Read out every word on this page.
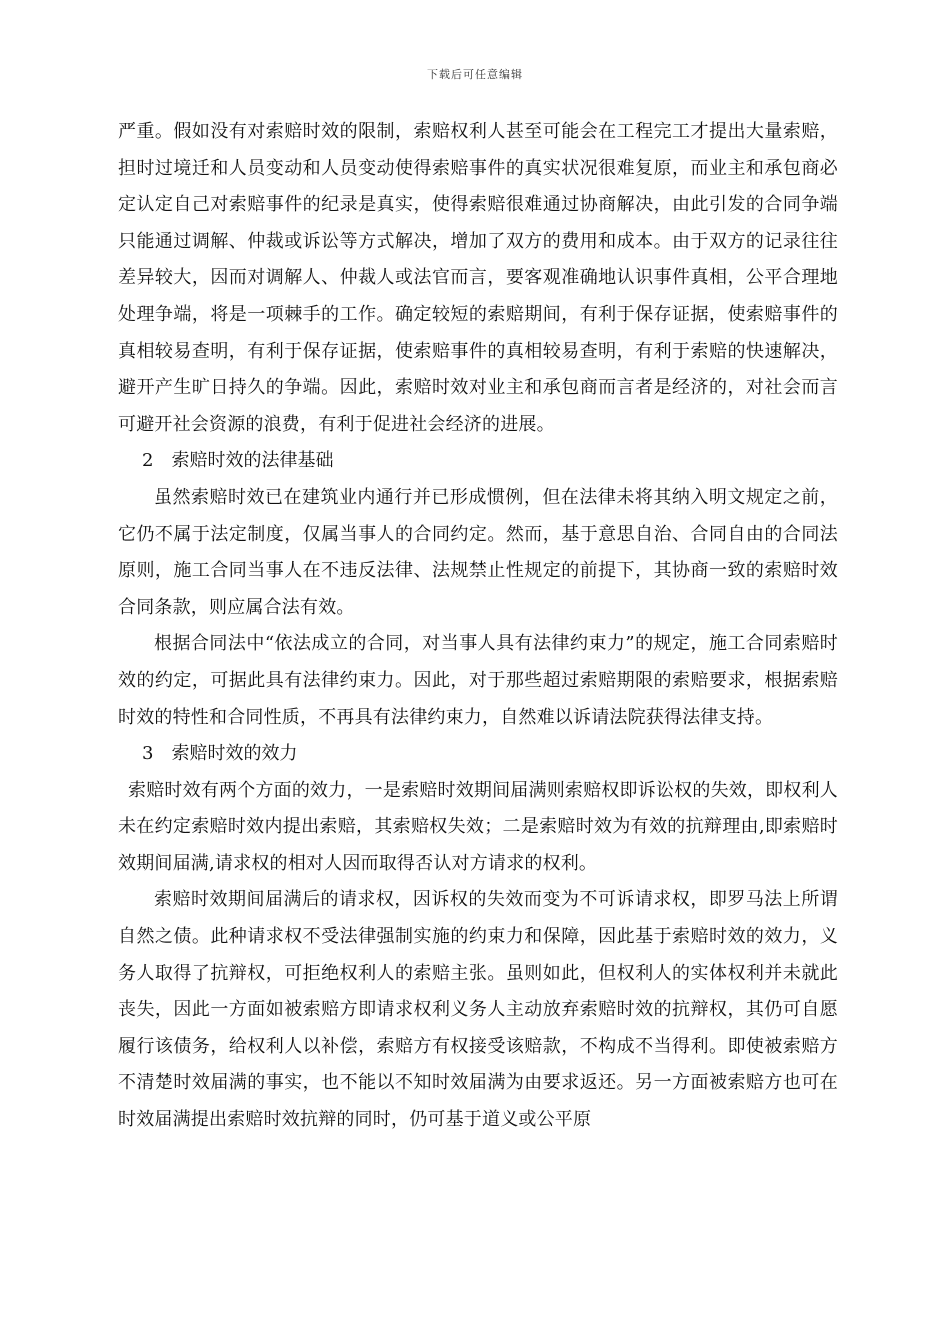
下载后可任意编辑

严重。假如没有对索赔时效的限制，索赔权利人甚至可能会在工程完工才提出大量索赔，担时过境迁和人员变动和人员变动使得索赔事件的真实状况很难复原，而业主和承包商必定认定自己对索赔事件的纪录是真实，使得索赔很难通过协商解决，由此引发的合同争端只能通过调解、仲裁或诉讼等方式解决，增加了双方的费用和成本。由于双方的记录往往差异较大，因而对调解人、仲裁人或法官而言，要客观准确地认识事件真相，公平合理地处理争端，将是一项棘手的工作。确定较短的索赔期间，有利于保存证据，使索赔事件的真相较易查明，有利于保存证据，使索赔事件的真相较易查明，有利于索赔的快速解决，避开产生旷日持久的争端。因此，索赔时效对业主和承包商而言者是经济的，对社会而言可避开社会资源的浪费，有利于促进社会经济的进展。

2　索赔时效的法律基础

虽然索赔时效已在建筑业内通行并已形成惯例，但在法律未将其纳入明文规定之前，它仍不属于法定制度，仅属当事人的合同约定。然而，基于意思自治、合同自由的合同法原则，施工合同当事人在不违反法律、法规禁止性规定的前提下，其协商一致的索赔时效合同条款，则应属合法有效。

根据合同法中“依法成立的合同，对当事人具有法律约束力”的规定，施工合同索赔时效的约定，可据此具有法律约束力。因此，对于那些超过索赔期限的索赔要求，根据索赔时效的特性和合同性质，不再具有法律约束力，自然难以诉请法院获得法律支持。

3　索赔时效的效力

索赔时效有两个方面的效力，一是索赔时效期间届满则索赔权即诉讼权的失效，即权利人未在约定索赔时效内提出索赔，其索赔权失效；二是索赔时效为有效的抗辩理由,即索赔时效期间届满,请求权的相对人因而取得否认对方请求的权利。

索赔时效期间届满后的请求权，因诉权的失效而变为不可诉请求权，即罗马法上所谓自然之债。此种请求权不受法律强制实施的约束力和保障，因此基于索赔时效的效力，义务人取得了抗辩权，可拒绝权利人的索赔主张。虽则如此，但权利人的实体权利并未就此丧失，因此一方面如被索赔方即请求权利义务人主动放弃索赔时效的抗辩权，其仍可自愿履行该债务，给权利人以补偿，索赔方有权接受该赔款，不构成不当得利。即使被索赔方不清楚时效届满的事实，也不能以不知时效届满为由要求返还。另一方面被索赔方也可在时效届满提出索赔时效抗辩的同时，仍可基于道义或公平原
